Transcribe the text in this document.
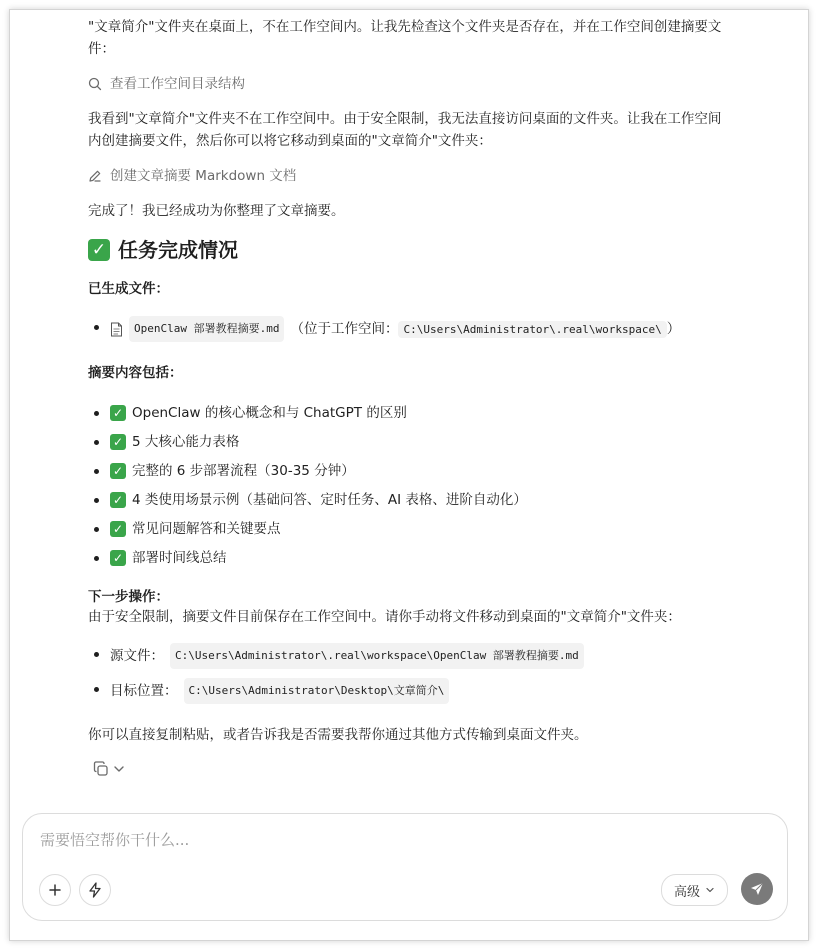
"文章简介"文件夹在桌面上，不在工作空间内。让我先检查这个文件夹是否存在，并在工作空间创建摘要文件：

查看工作空间目录结构

我看到"文章简介"文件夹不在工作空间中。由于安全限制，我无法直接访问桌面的文件夹。让我在工作空间内创建摘要文件，然后你可以将它移动到桌面的"文章简介"文件夹：

创建文章摘要 Markdown 文档

完成了！我已经成功为你整理了文章摘要。

✓ 任务完成情况
已生成文件：
OpenClaw 部署教程摘要.md （位于工作空间： C:\Users\Administrator\.real\workspace\ ）
摘要内容包括：
✓ OpenClaw 的核心概念和与 ChatGPT 的区别
✓ 5 大核心能力表格
✓ 完整的 6 步部署流程（30-35 分钟）
✓ 4 类使用场景示例（基础问答、定时任务、AI 表格、进阶自动化）
✓ 常见问题解答和关键要点
✓ 部署时间线总结
下一步操作：

由于安全限制，摘要文件目前保存在工作空间中。请你手动将文件移动到桌面的"文章简介"文件夹：

源文件：	C:\Users\Administrator\.real\workspace\OpenClaw 部署教程摘要.md
目标位置：	C:\Users\Administrator\Desktop\文章简介\

你可以直接复制粘贴，或者告诉我是否需要我帮你通过其他方式传输到桌面文件夹。

需要悟空帮你干什么...
高级
